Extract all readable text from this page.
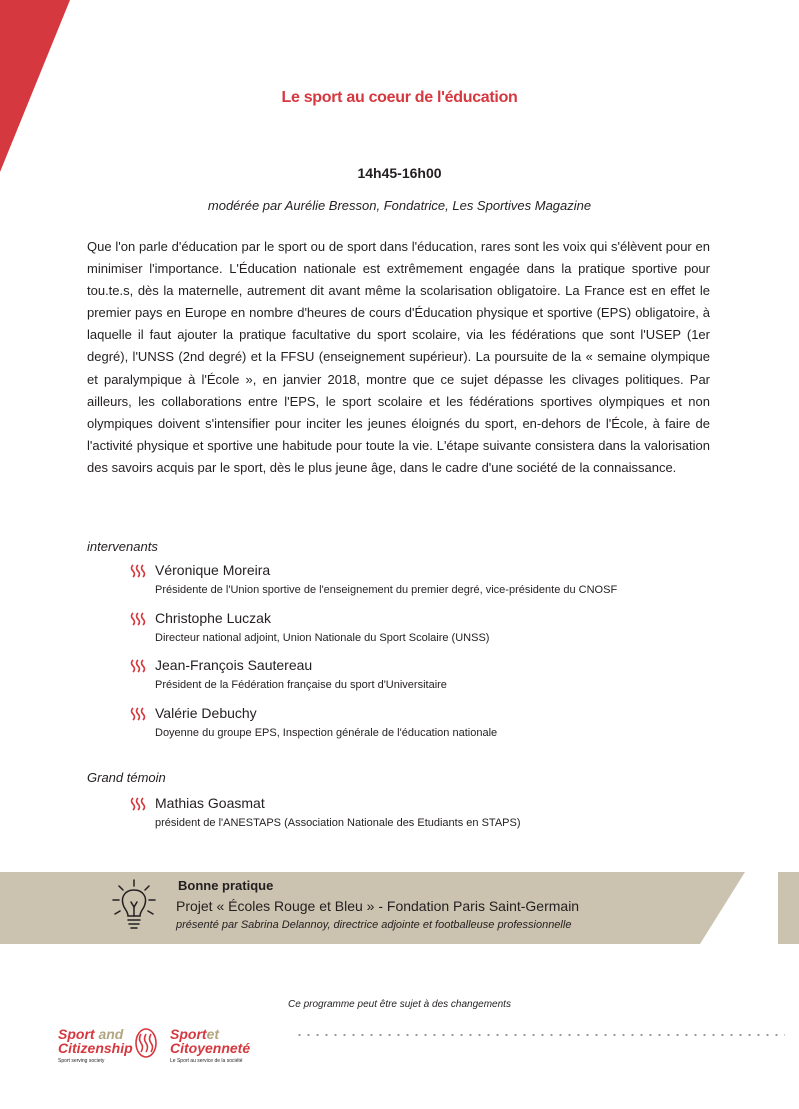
Le sport au coeur de l'éducation
14h45-16h00
modérée par Aurélie Bresson, Fondatrice, Les Sportives Magazine

Que l'on parle d'éducation par le sport ou de sport dans l'éducation, rares sont les voix qui s'élèvent pour en minimiser l'importance. L'Éducation nationale est extrêmement engagée dans la pratique sportive pour tou.te.s, dès la maternelle, autrement dit avant même la scolarisation obligatoire. La France est en effet le premier pays en Europe en nombre d'heures de cours d'Éducation physique et sportive (EPS) obligatoire, à laquelle il faut ajouter la pratique facultative du sport scolaire, via les fédérations que sont l'USEP (1er degré), l'UNSS (2nd degré) et la FFSU (enseignement supérieur). La poursuite de la « semaine olympique et paralympique à l'École », en janvier 2018, montre que ce sujet dépasse les clivages politiques. Par ailleurs, les collaborations entre l'EPS, le sport scolaire et les fédérations sportives olympiques et non olympiques doivent s'intensifier pour inciter les jeunes éloignés du sport, en-dehors de l'École, à faire de l'activité physique et sportive une habitude pour toute la vie. L'étape suivante consistera dans la valorisation des savoirs acquis par le sport, dès le plus jeune âge, dans le cadre d'une société de la connaissance.

intervenants
Véronique Moreira
Présidente de l'Union sportive de l'enseignement du premier degré, vice-présidente du CNOSF
Christophe Luczak
Directeur national adjoint, Union Nationale du Sport Scolaire (UNSS)
Jean-François Sautereau
Président de la Fédération française du sport d'Universitaire
Valérie Debuchy
Doyenne du groupe EPS, Inspection générale de l'éducation nationale
Grand témoin
Mathias Goasmat
président de l'ANESTAPS (Association Nationale des Etudiants en STAPS)
Bonne pratique
Projet « Écoles Rouge et Bleu » - Fondation Paris Saint-Germain
présenté par Sabrina Delannoy, directrice adjointe et footballeuse professionnelle
Ce programme peut être sujet à des changements
Sport and
Citizenship
Sport serving society
Sportet
Citoyenneté
Le Sport au service de la société
